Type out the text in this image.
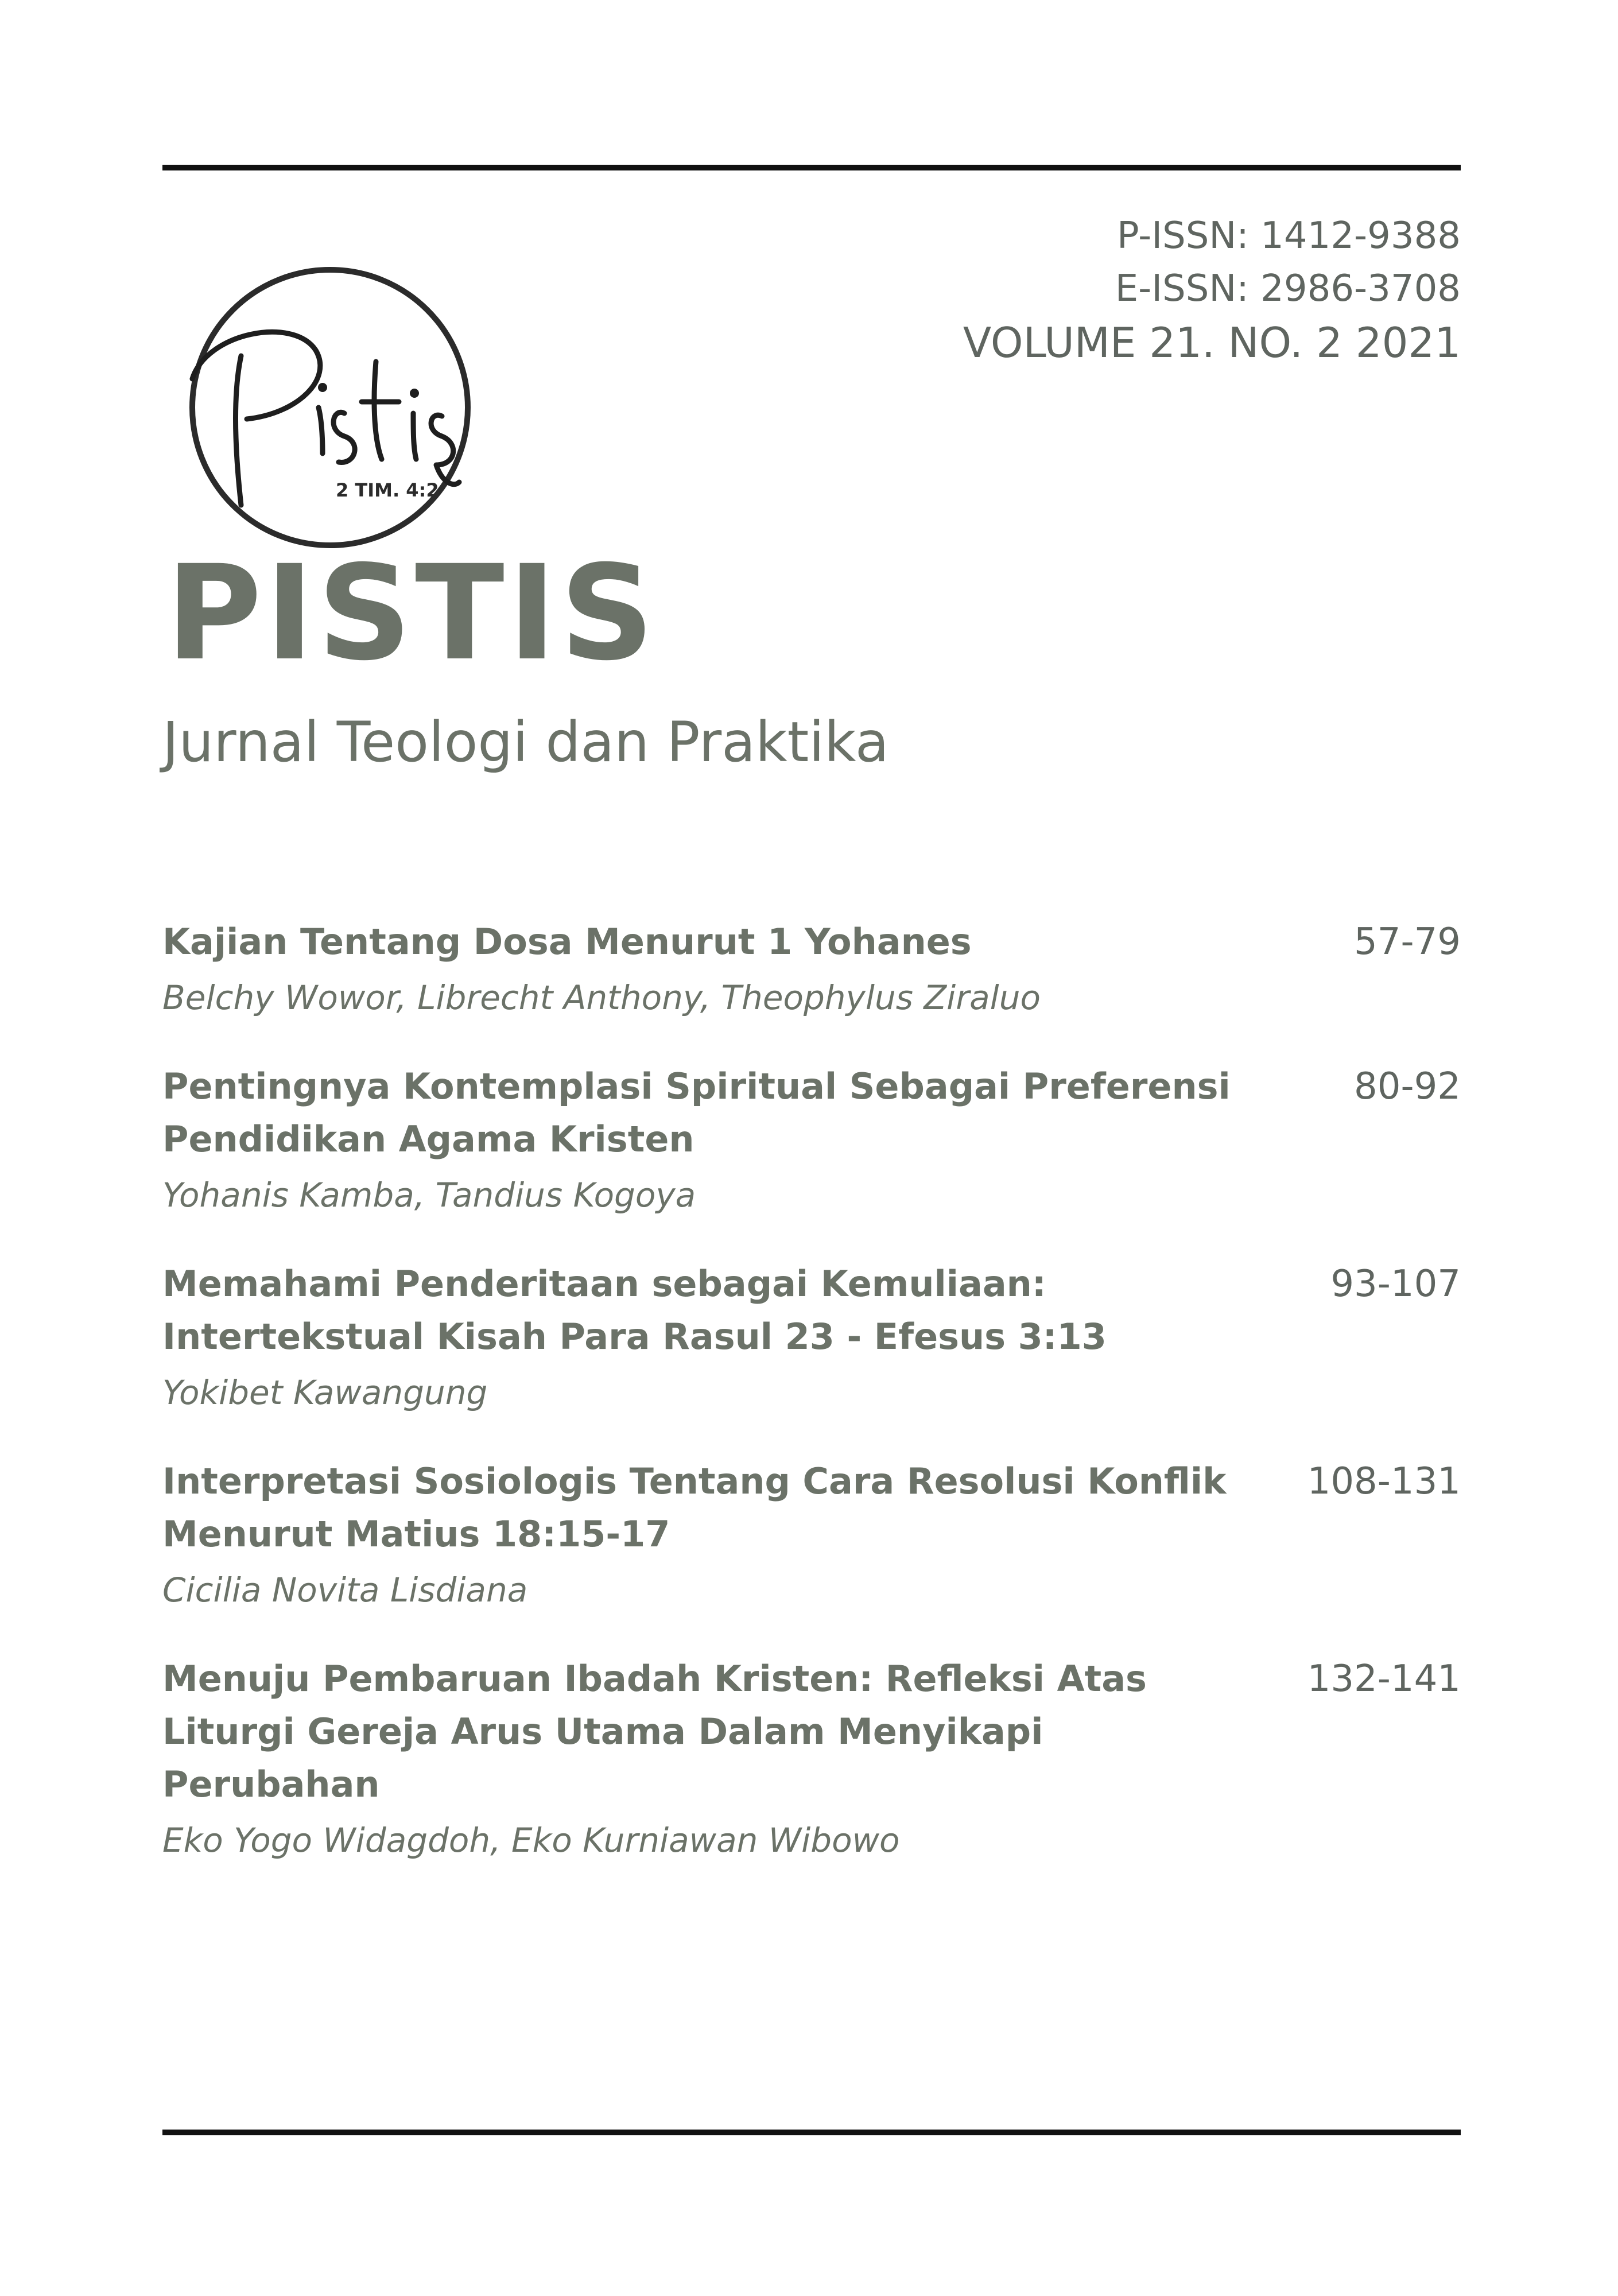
P-ISSN: 1412-9388
E-ISSN: 2986-3708
VOLUME 21. NO. 2 2021
2 TIM. 4:2
PISTIS
Jurnal Teologi dan Praktika
Kajian Tentang Dosa Menurut 1 Yohanes
Belchy Wowor, Librecht Anthony, Theophylus Ziraluo
57-79
Pentingnya Kontemplasi Spiritual Sebagai Preferensi Pendidikan Agama Kristen
Yohanis Kamba, Tandius Kogoya
80-92
Memahami Penderitaan sebagai Kemuliaan: Intertekstual Kisah Para Rasul 23 - Efesus 3:13
Yokibet Kawangung
93-107
Interpretasi Sosiologis Tentang Cara Resolusi Konflik Menurut Matius 18:15-17
Cicilia Novita Lisdiana
108-131
Menuju Pembaruan Ibadah Kristen: Refleksi Atas Liturgi Gereja Arus Utama Dalam Menyikapi Perubahan
Eko Yogo Widagdoh, Eko Kurniawan Wibowo
132-141
